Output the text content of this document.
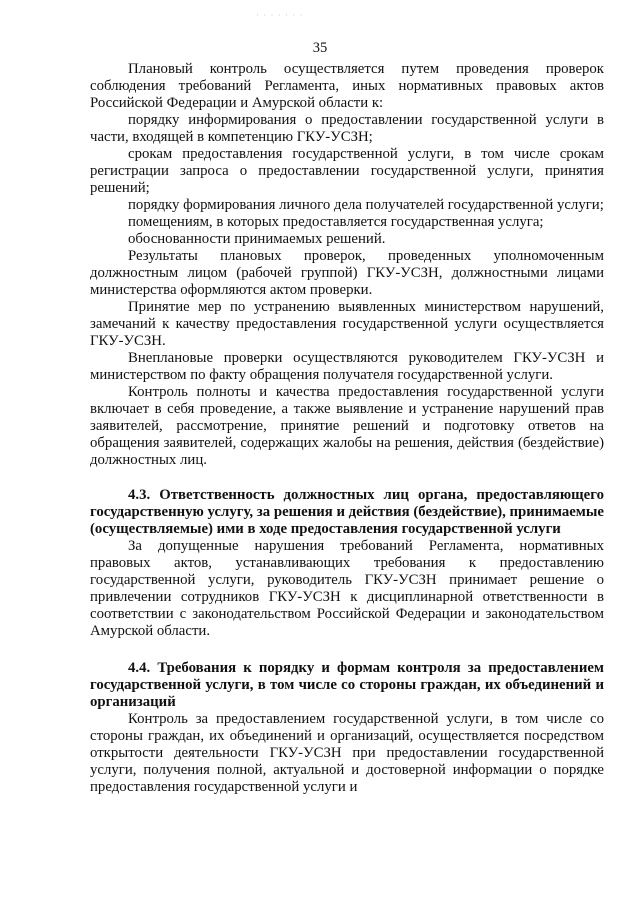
· · · · · · ·
35

Плановый контроль осуществляется путем проведения проверок соблюдения требований Регламента, иных нормативных правовых актов Российской Федерации и Амурской области к:

порядку информирования о предоставлении государственной услуги в части, входящей в компетенцию ГКУ-УСЗН;

срокам предоставления государственной услуги, в том числе срокам регистрации запроса о предоставлении государственной услуги, принятия решений;

порядку формирования личного дела получателей государственной услуги;

помещениям, в которых предоставляется государственная услуга;

обоснованности принимаемых решений.

Результаты плановых проверок, проведенных уполномоченным должностным лицом (рабочей группой) ГКУ-УСЗН, должностными лицами министерства оформляются актом проверки.

Принятие мер по устранению выявленных министерством нарушений, замечаний к качеству предоставления государственной услуги осуществляется ГКУ-УСЗН.

Внеплановые проверки осуществляются руководителем ГКУ-УСЗН и министерством по факту обращения получателя государственной услуги.

Контроль полноты и качества предоставления государственной услуги включает в себя проведение, а также выявление и устранение нарушений прав заявителей, рассмотрение, принятие решений и подготовку ответов на обращения заявителей, содержащих жалобы на решения, действия (бездействие) должностных лиц.

4.3. Ответственность должностных лиц органа, предоставляющего государственную услугу, за решения и действия (бездействие), принимаемые (осуществляемые) ими в ходе предоставления государственной услуги

За допущенные нарушения требований Регламента, нормативных правовых актов, устанавливающих требования к предоставлению государственной услуги, руководитель ГКУ-УСЗН принимает решение о привлечении сотрудников ГКУ-УСЗН к дисциплинарной ответственности в соответствии с законодательством Российской Федерации и законодательством Амурской области.

4.4. Требования к порядку и формам контроля за предоставлением государственной услуги, в том числе со стороны граждан, их объединений и организаций

Контроль за предоставлением государственной услуги, в том числе со стороны граждан, их объединений и организаций, осуществляется посредством открытости деятельности ГКУ-УСЗН при предоставлении государственной услуги, получения полной, актуальной и достоверной информации о порядке предоставления государственной услуги и
